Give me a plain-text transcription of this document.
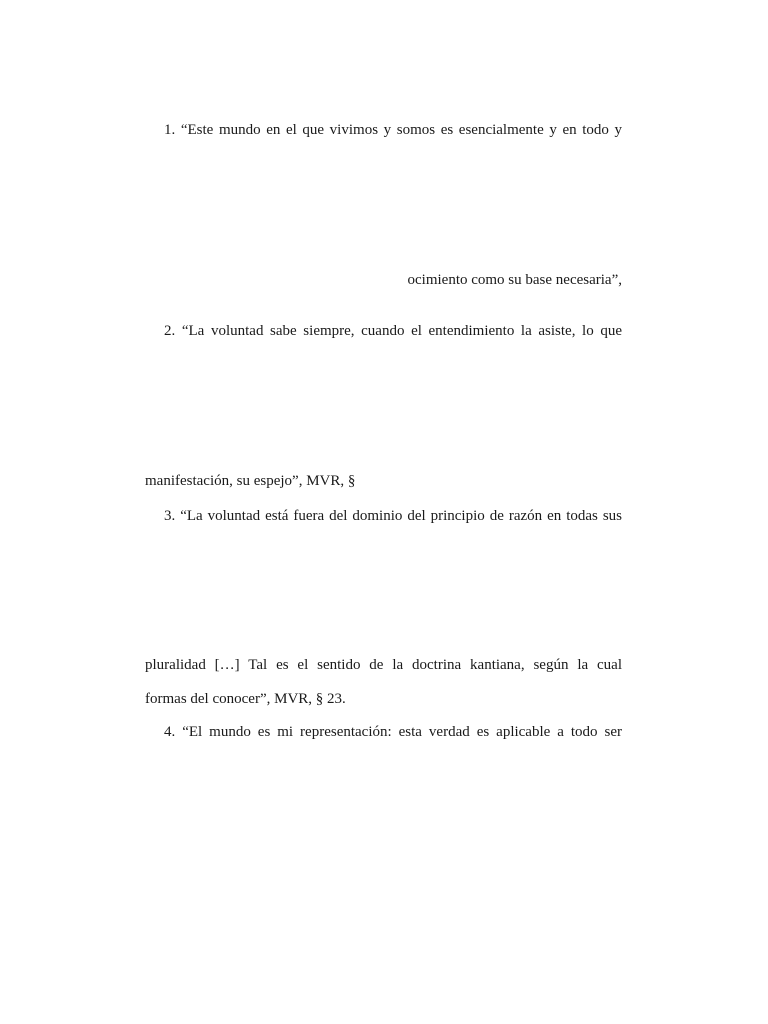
1. “Este mundo en el que vivimos y somos es esencialmente y en todo y
ocimiento como su base necesaria”,
2. “La voluntad sabe siempre, cuando el entendimiento la asiste, lo que
manifestación, su espejo”, MVR, §
3. “La voluntad está fuera del dominio del principio de razón en todas sus
pluralidad […] Tal es el sentido de la doctrina kantiana, según la cual
formas del conocer”, MVR, § 23.
4. “El mundo es mi representación: esta verdad es aplicable a todo ser
